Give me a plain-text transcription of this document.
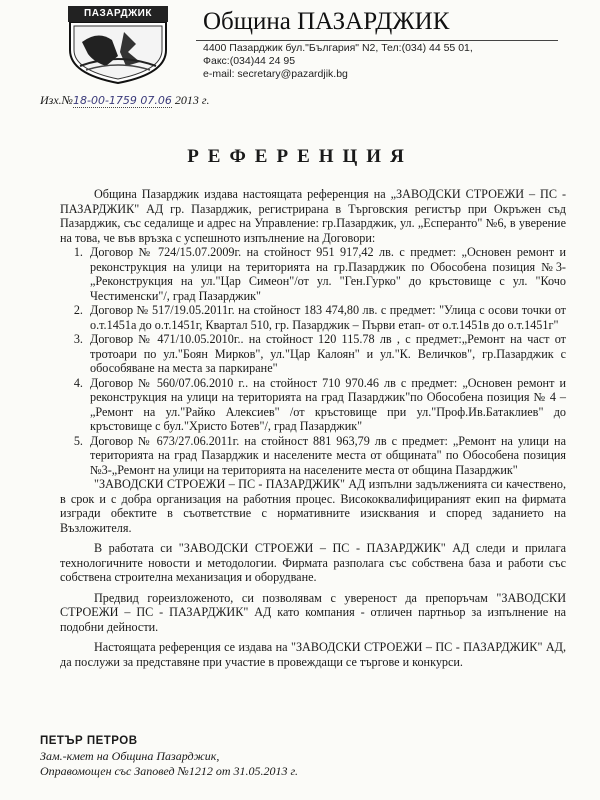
ПАЗАРДЖИК	Община ПАЗАРДЖИК
4400 Пазарджик бул."България" N2, Тел:(034) 44 55 01,
Факс:(034)44 24 95
e-mail: secretary@pazardjik.bg
Изх.№18-00-1759 07.06 2013 г.
РЕФЕРЕНЦИЯ

Община Пазарджик издава настоящата референция на „ЗАВОДСКИ СТРОЕЖИ – ПС - ПАЗАРДЖИК" АД гр. Пазарджик, регистрирана в Търговския регистър при Окръжен съд Пазарджик, със седалище и адрес на Управление: гр.Пазарджик, ул. „Есперанто" №6, в уверение на това, че във връзка с успешното изпълнение на Договори:

1. Договор № 724/15.07.2009г. на стойност 951 917,42 лв. с предмет: „Основен ремонт и реконструкция на улици на територията на гр.Пазарджик по Обособена позиция №3-„Реконструкция на ул."Цар Симеон"/от ул. "Ген.Гурко" до кръстовище с ул. "Кочо Честименски"/, град Пазарджик"
2. Договор № 517/19.05.2011г. на стойност 183 474,80 лв. с предмет: "Улица с осови точки от о.т.1451а до о.т.1451г, Квартал 510, гр. Пазарджик – Първи етап- от о.т.1451в до о.т.1451г"
3. Договор № 471/10.05.2010г.. на стойност 120 115.78 лв , с предмет:„Ремонт на част от тротоари по ул."Боян Мирков", ул."Цар Калоян" и ул."К. Величков", гр.Пазарджик с обособяване на места за паркиране"
4. Договор № 560/07.06.2010 г.. на стойност 710 970.46 лв с предмет: „Основен ремонт и реконструкция на улици на територията на град Пазарджик"по Обособена позиция № 4 –„Ремонт на ул."Райко Алексиев" /от кръстовище при ул."Проф.Ив.Батаклиев" до кръстовище с бул."Христо Ботев"/, град Пазарджик"
5. Договор № 673/27.06.2011г. на стойност 881 963,79 лв с предмет: „Ремонт на улици на територията на град Пазарджик и населените места от общината" по Обособена позиция №3-„Ремонт на улици на територията на населените места от община Пазарджик"

"ЗАВОДСКИ СТРОЕЖИ – ПС - ПАЗАРДЖИК" АД изпълни задълженията си качествено, в срок и с добра организация на работния процес. Висококвалифицираният екип на фирмата изгради обектите в съответствие с нормативните изисквания и според заданието на Възложителя.

В работата си "ЗАВОДСКИ СТРОЕЖИ – ПС - ПАЗАРДЖИК" АД следи и прилага технологичните новости и методологии. Фирмата разполага със собствена база и работи със собствена строителна механизация и оборудване.

Предвид гореизложеното, си позволявам с увереност да препоръчам "ЗАВОДСКИ СТРОЕЖИ – ПС - ПАЗАРДЖИК" АД като компания - отличен партньор за изпълнение на подобни дейности.

Настоящата референция се издава на "ЗАВОДСКИ СТРОЕЖИ – ПС - ПАЗАРДЖИК" АД, да послужи за представяне при участие в провеждащи се търгове и конкурси.

ПЕТЪР ПЕТРОВ
Зам.-кмет на Община Пазарджик,
Оправомощен със Заповед №1212 от 31.05.2013 г.
